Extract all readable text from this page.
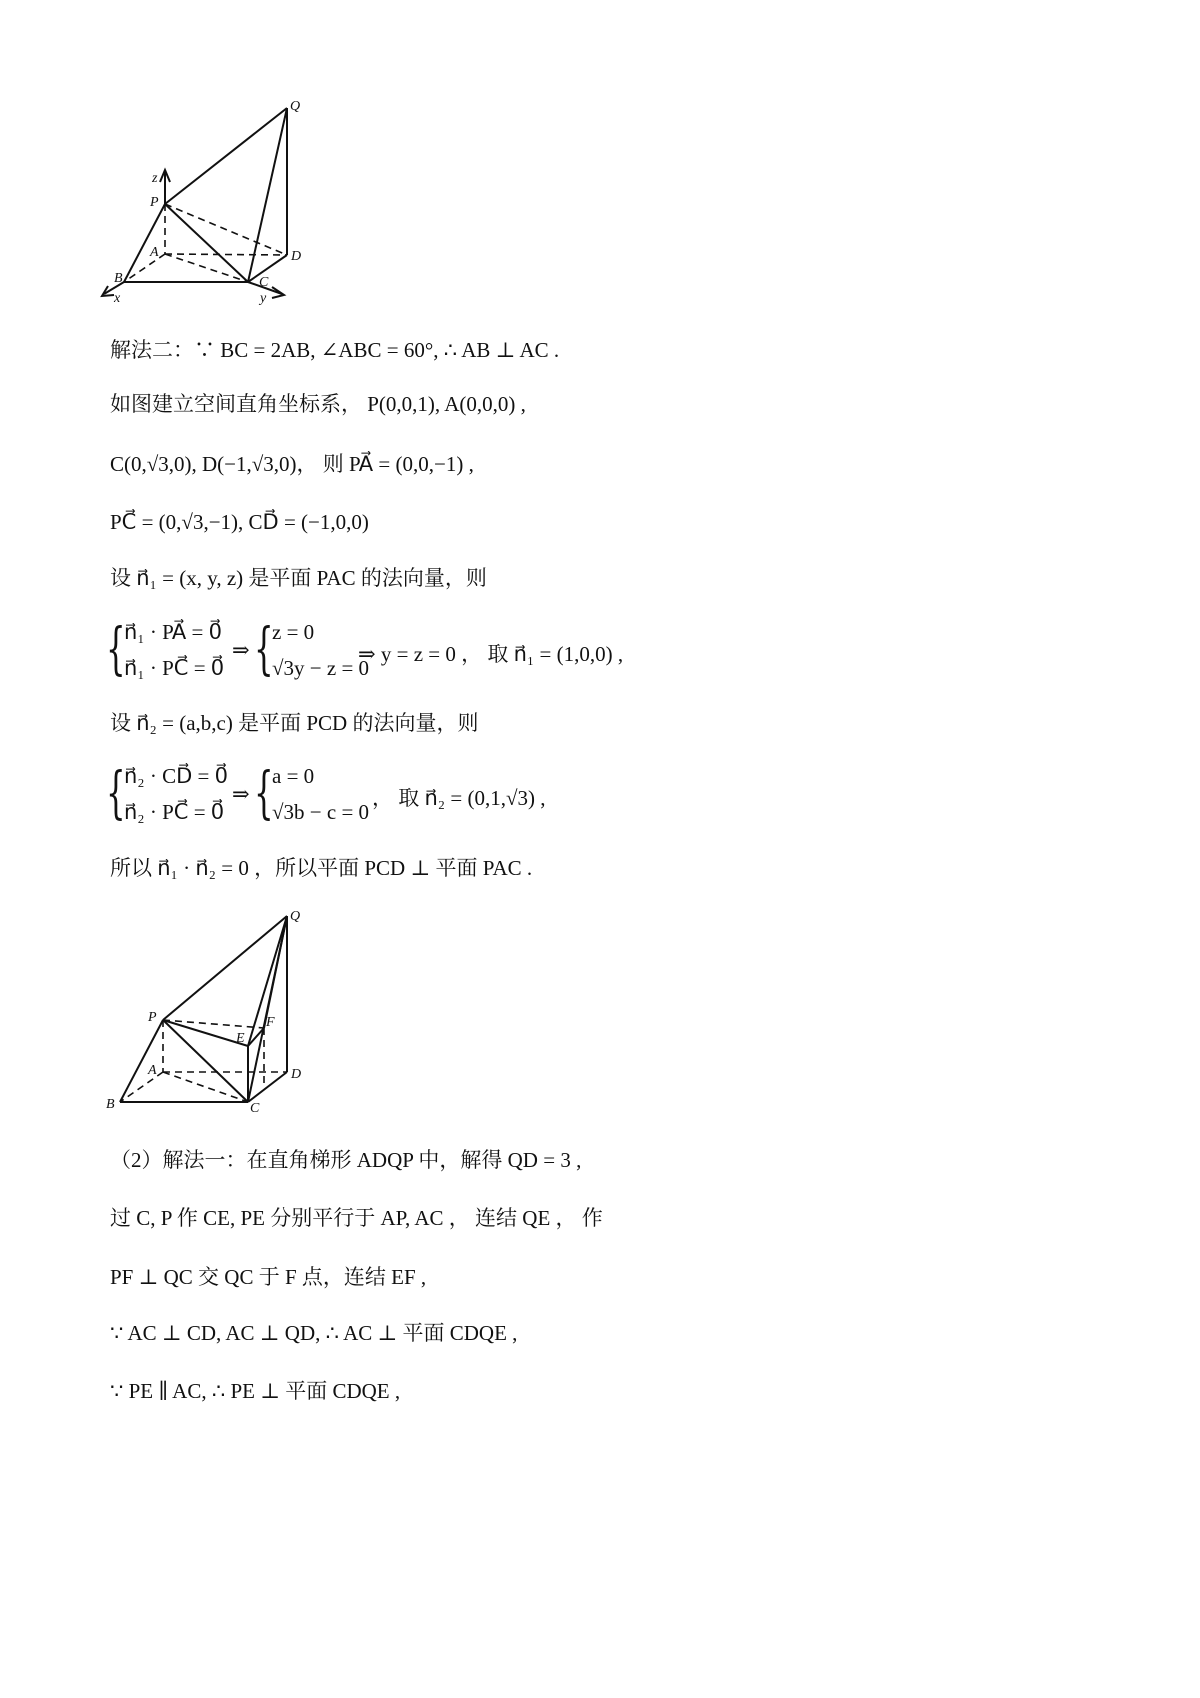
Q
z
P
A	D
B	C
x	y
解法二：∵ BC = 2AB, ∠ABC = 60°, ∴ AB ⊥ AC .
如图建立空间直角坐标系， P(0,0,1), A(0,0,0) ,
C(0,√3,0), D(−1,√3,0)， 则 PA⃗ = (0,0,−1) ,
PC⃗ = (0,√3,−1), CD⃗ = (−1,0,0)
设 n⃗₁ = (x, y, z) 是平面 PAC 的法向量，则
{
n⃗₁ · PA⃗ = 0⃗
n⃗₁ · PC⃗ = 0⃗
⇒ {
z = 0
√3y − z = 0
⇒ y = z = 0 ， 取 n⃗₁ = (1,0,0) ,
设 n⃗₂ = (a,b,c) 是平面 PCD 的法向量，则
{
n⃗₂ · CD⃗ = 0⃗
n⃗₂ · PC⃗ = 0⃗
⇒ {
a = 0
√3b − c = 0
， 取 n⃗₂ = (0,1,√3) ,
所以 n⃗₁ · n⃗₂ = 0 ，所以平面 PCD ⊥ 平面 PAC .
Q
P	F
E
A	D
B	C
（2）解法一：在直角梯形 ADQP 中，解得 QD = 3 ,
过 C, P 作 CE, PE 分别平行于 AP, AC ， 连结 QE ， 作
PF ⊥ QC 交 QC 于 F 点，连结 EF ,
∵ AC ⊥ CD, AC ⊥ QD, ∴ AC ⊥ 平面 CDQE ,
∵ PE ∥ AC, ∴ PE ⊥ 平面 CDQE ,
